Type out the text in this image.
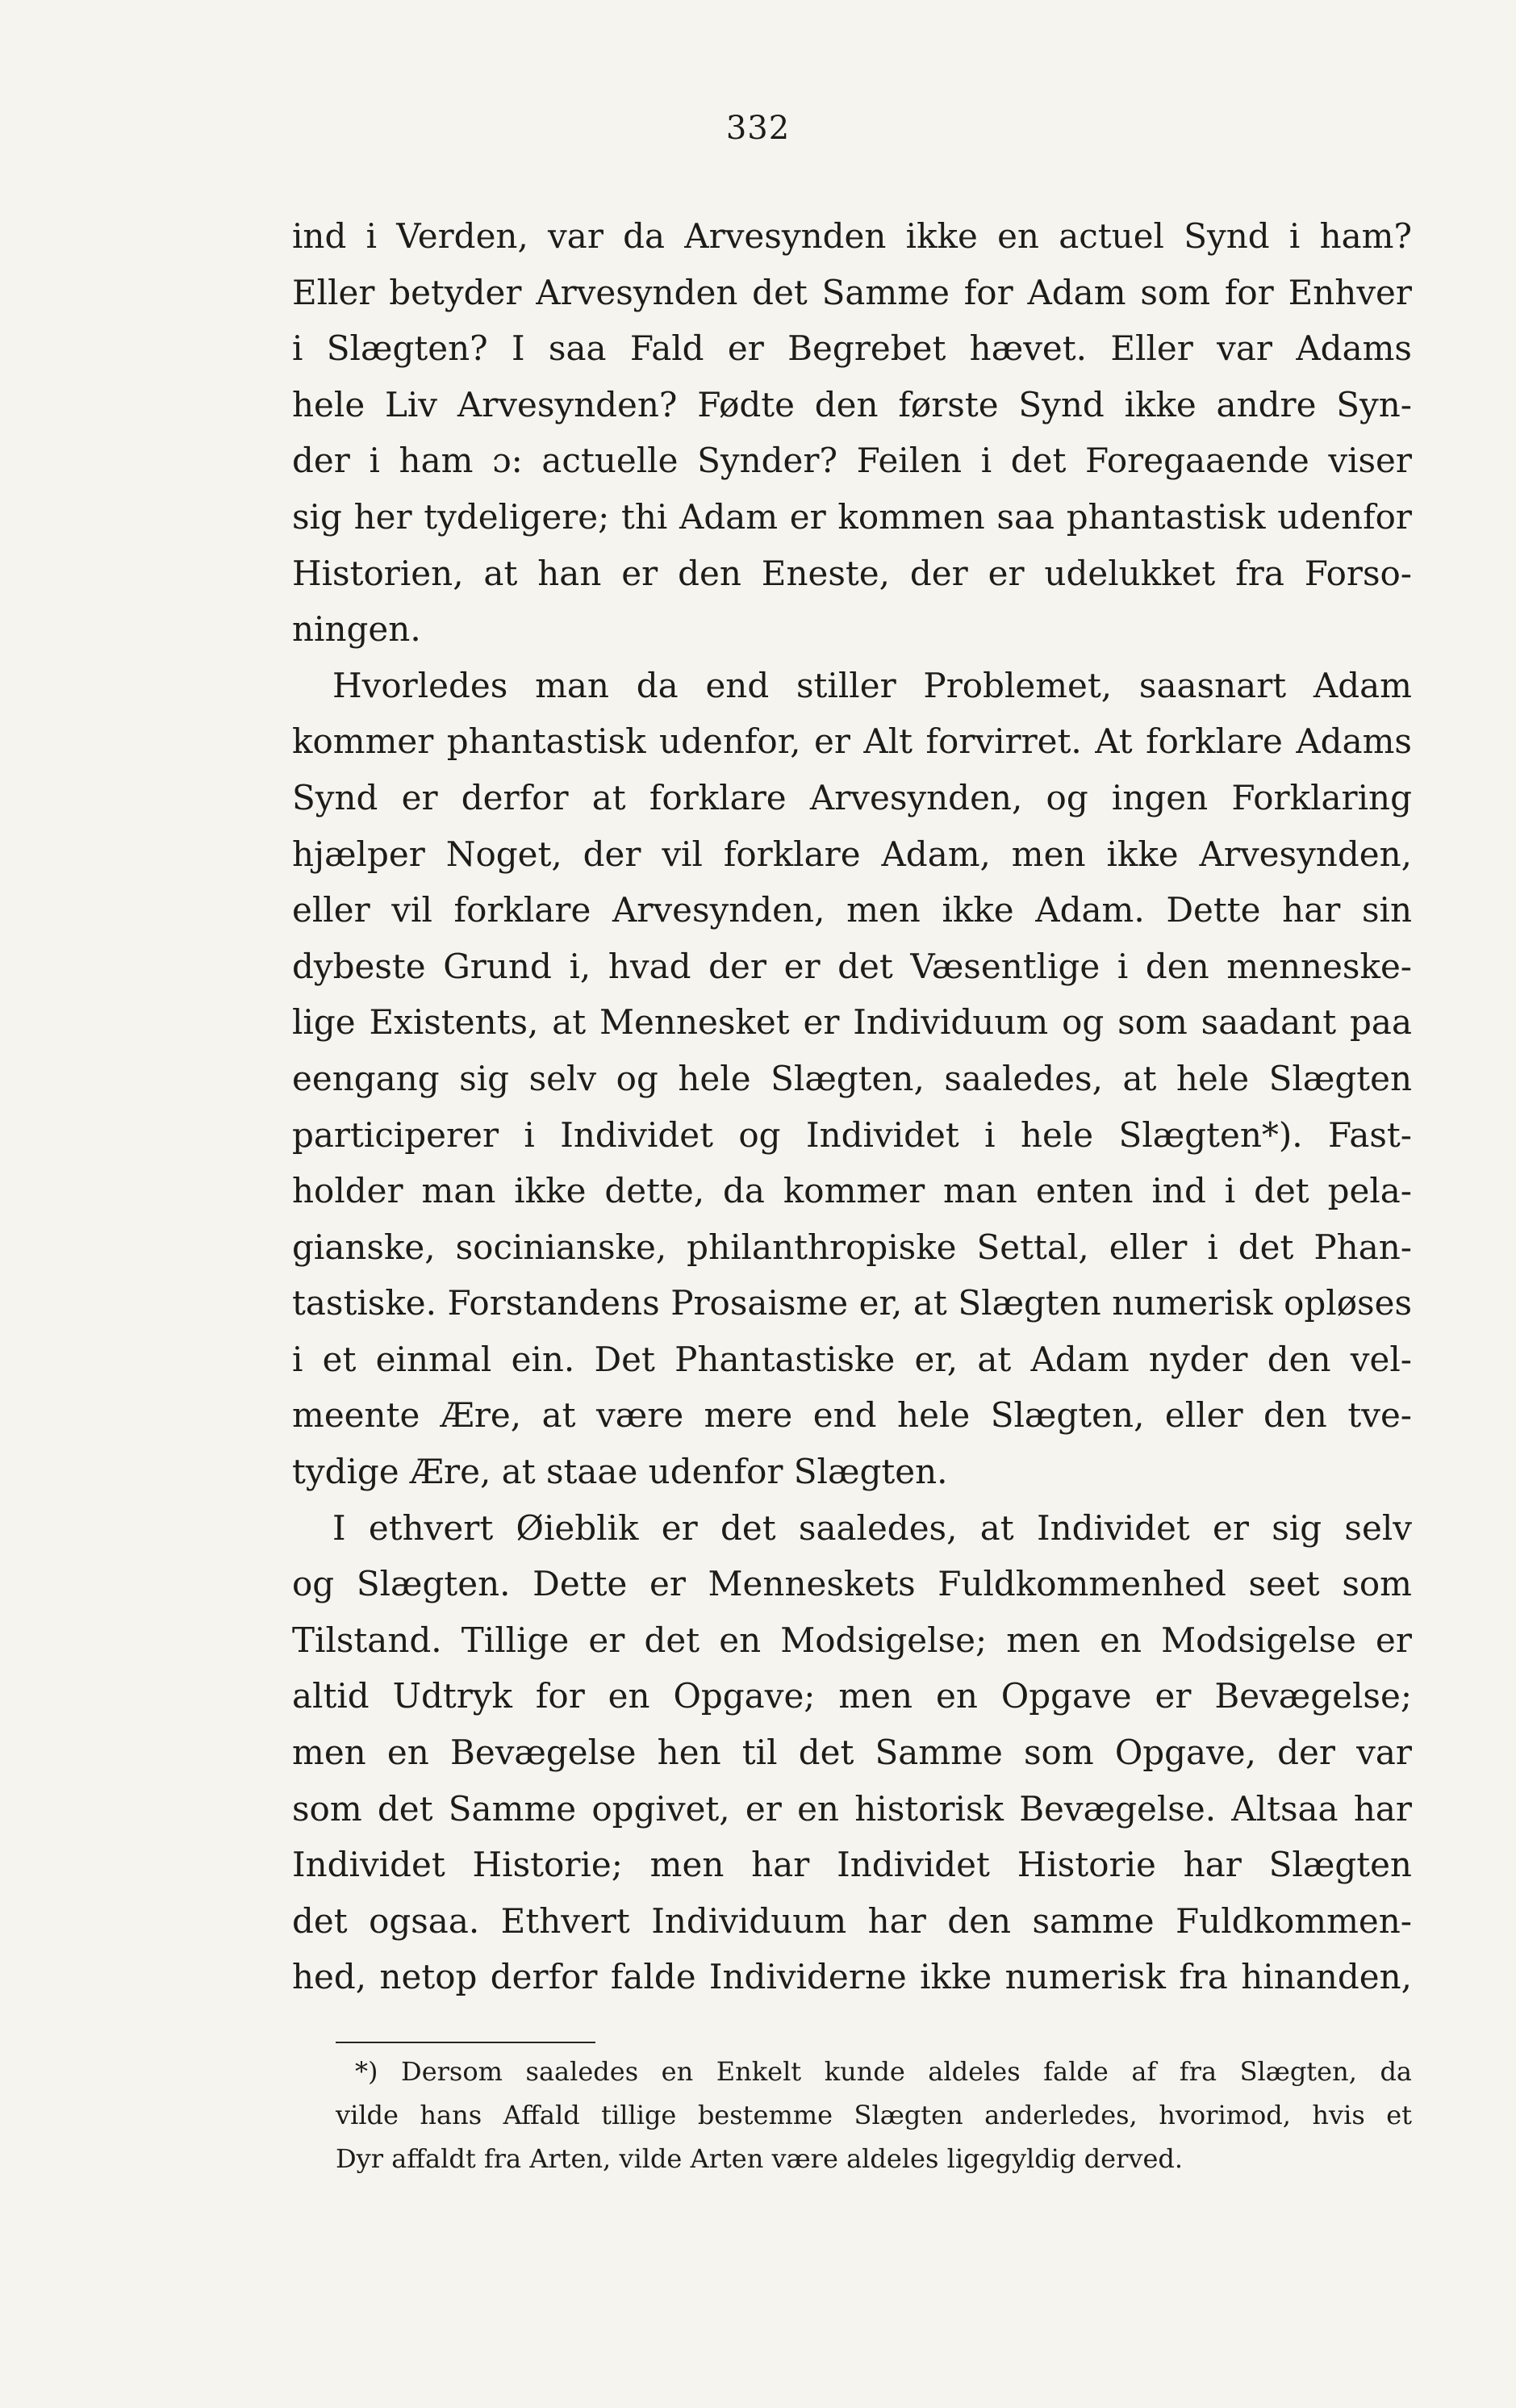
332
ind i Verden, var da Arvesynden ikke en actuel Synd i ham?
Eller betyder Arvesynden det Samme for Adam som for Enhver
i Slægten? I saa Fald er Begrebet hævet. Eller var Adams
hele Liv Arvesynden? Fødte den første Synd ikke andre Syn-
der i ham ɔ: actuelle Synder? Feilen i det Foregaaende viser
sig her tydeligere; thi Adam er kommen saa phantastisk udenfor
Historien, at han er den Eneste, der er udelukket fra Forso-
ningen.
Hvorledes man da end stiller Problemet, saasnart Adam
kommer phantastisk udenfor, er Alt forvirret. At forklare Adams
Synd er derfor at forklare Arvesynden, og ingen Forklaring
hjælper Noget, der vil forklare Adam, men ikke Arvesynden,
eller vil forklare Arvesynden, men ikke Adam. Dette har sin
dybeste Grund i, hvad der er det Væsentlige i den menneske-
lige Existents, at Mennesket er Individuum og som saadant paa
eengang sig selv og hele Slægten, saaledes, at hele Slægten
participerer i Individet og Individet i hele Slægten*). Fast-
holder man ikke dette, da kommer man enten ind i det pela-
gianske, socinianske, philanthropiske Settal, eller i det Phan-
tastiske. Forstandens Prosaisme er, at Slægten numerisk opløses
i et einmal ein. Det Phantastiske er, at Adam nyder den vel-
meente Ære, at være mere end hele Slægten, eller den tve-
tydige Ære, at staae udenfor Slægten.
I ethvert Øieblik er det saaledes, at Individet er sig selv
og Slægten. Dette er Menneskets Fuldkommenhed seet som
Tilstand. Tillige er det en Modsigelse; men en Modsigelse er
altid Udtryk for en Opgave; men en Opgave er Bevægelse;
men en Bevægelse hen til det Samme som Opgave, der var
som det Samme opgivet, er en historisk Bevægelse. Altsaa har
Individet Historie; men har Individet Historie har Slægten
det ogsaa. Ethvert Individuum har den samme Fuldkommen-
hed, netop derfor falde Individerne ikke numerisk fra hinanden,
*) Dersom saaledes en Enkelt kunde aldeles falde af fra Slægten, da
vilde hans Affald tillige bestemme Slægten anderledes, hvorimod, hvis et
Dyr affaldt fra Arten, vilde Arten være aldeles ligegyldig derved.
